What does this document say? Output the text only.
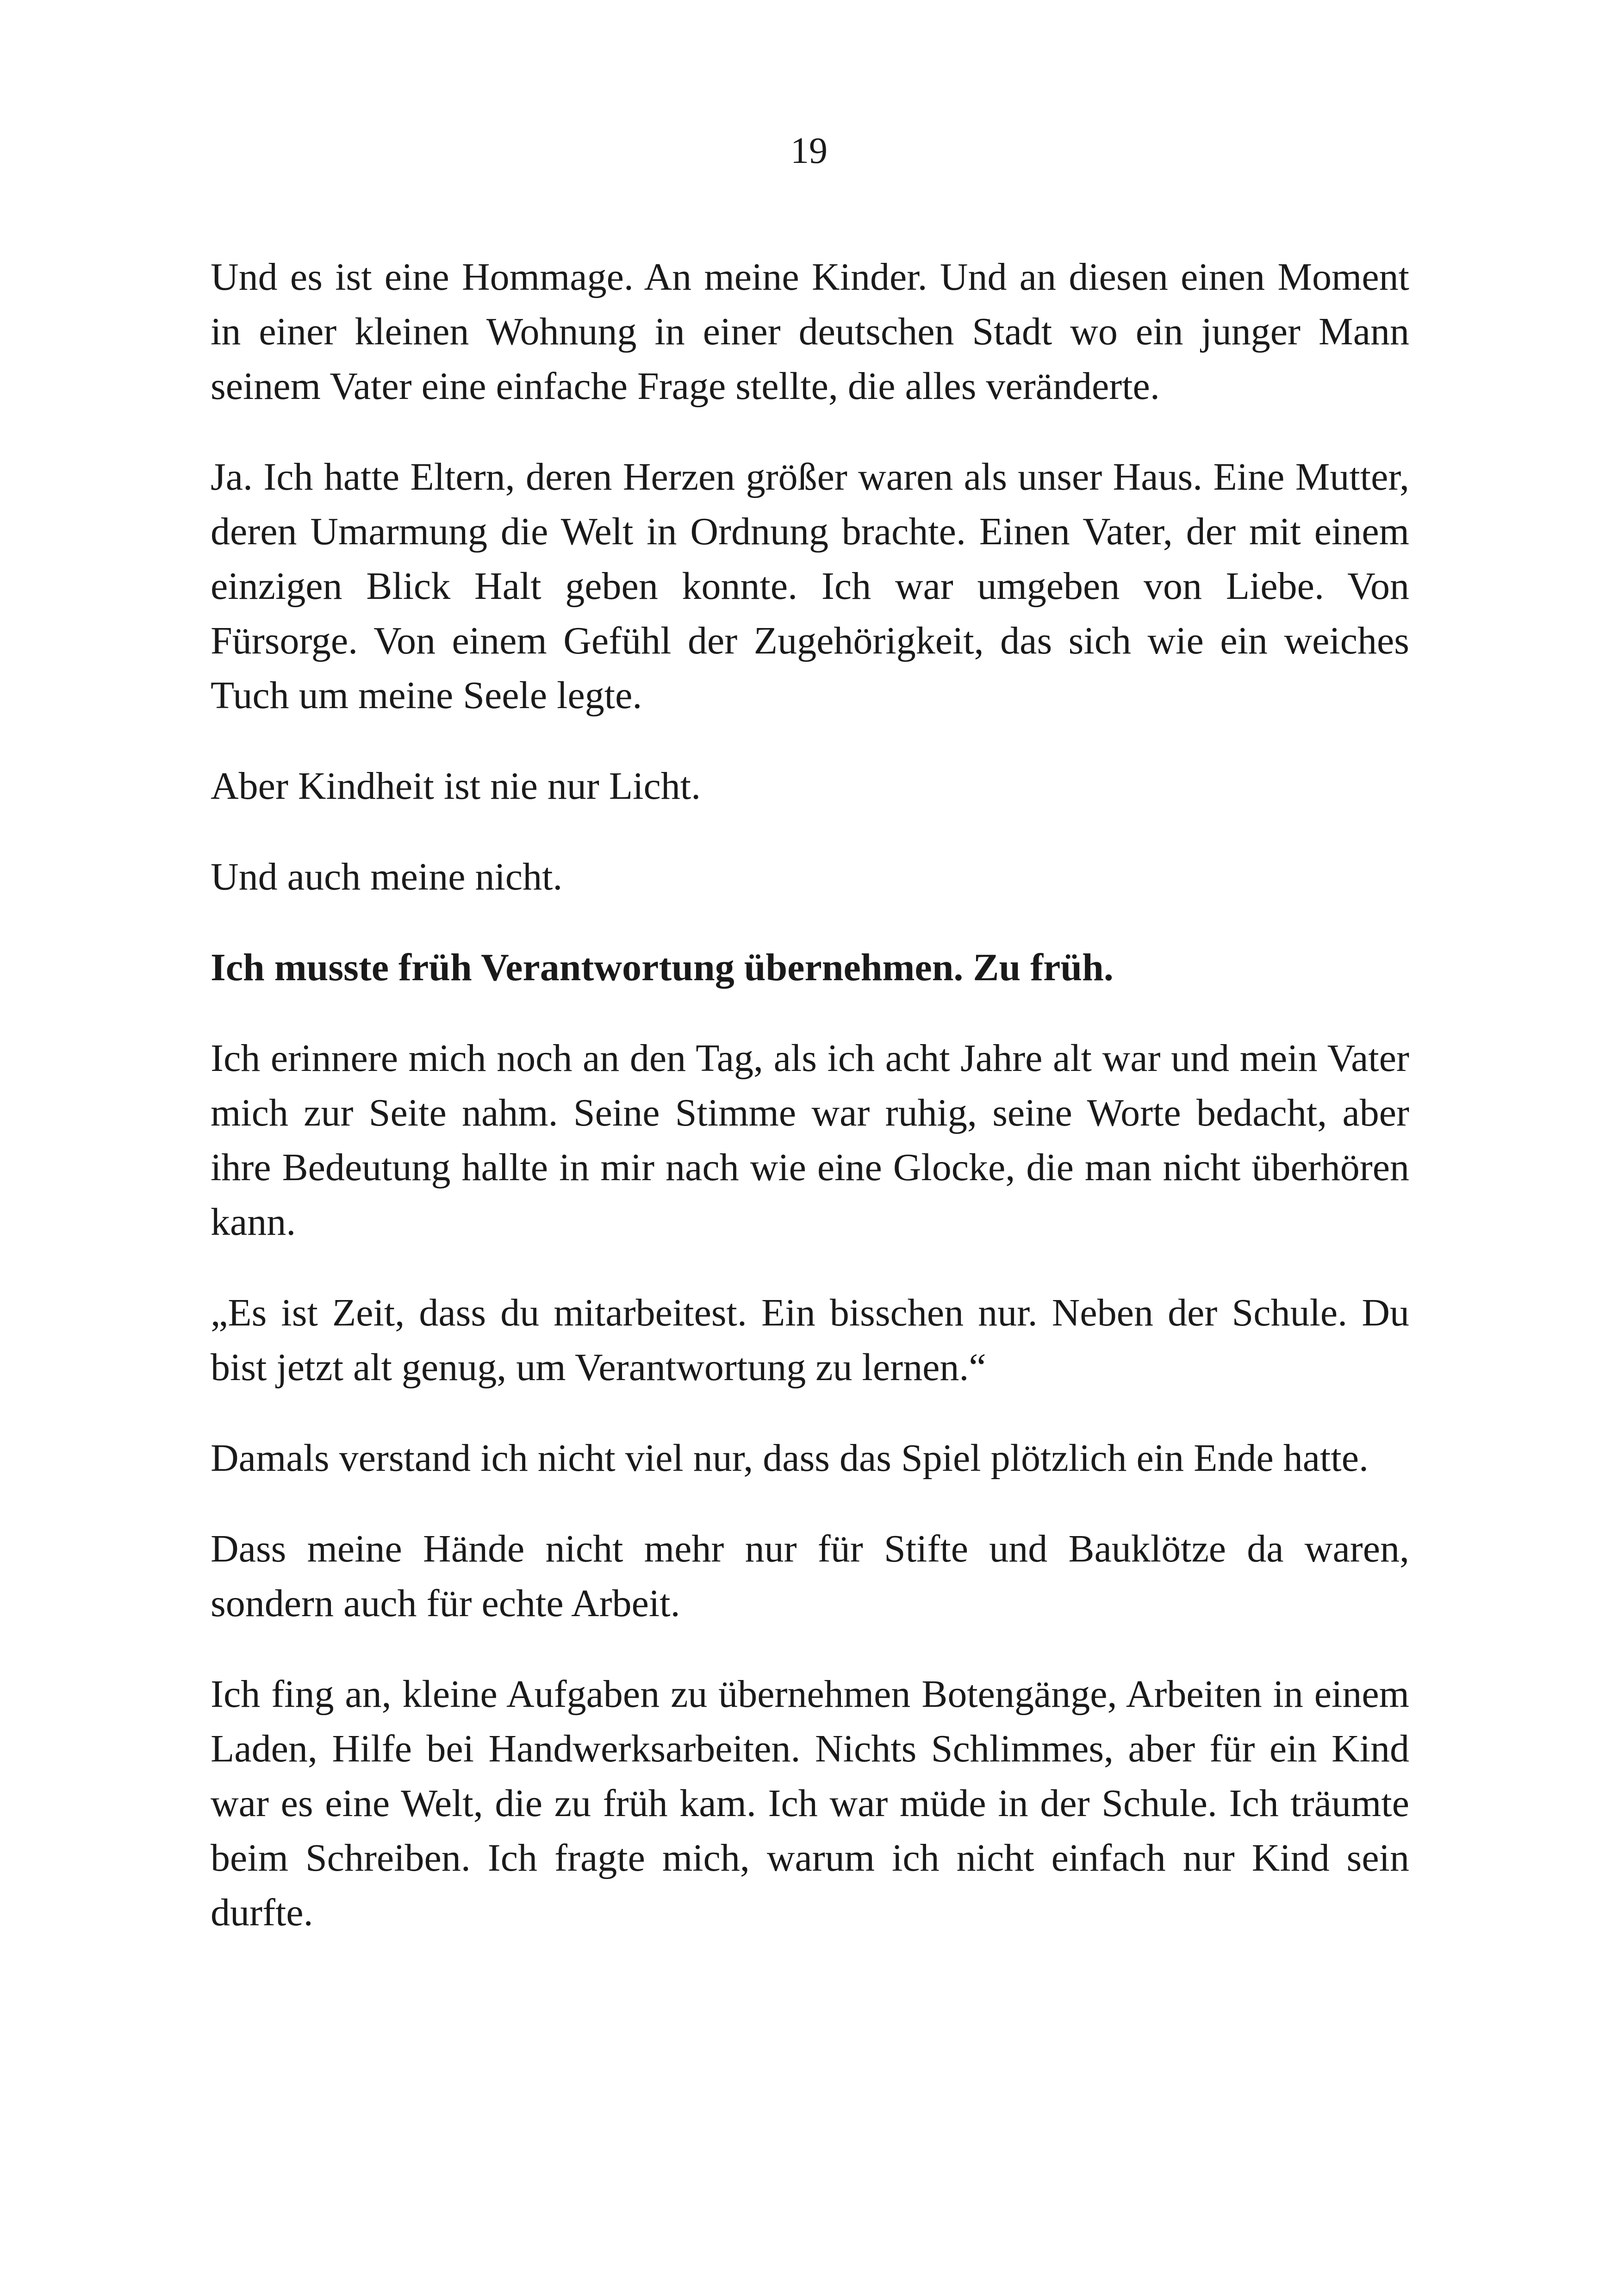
19

Und es ist eine Hommage. An meine Kinder. Und an diesen einen Moment in einer kleinen Wohnung in einer deutschen Stadt wo ein junger Mann seinem Vater eine einfache Frage stellte, die alles veränderte.

Ja. Ich hatte Eltern, deren Herzen größer waren als unser Haus. Eine Mutter, deren Umarmung die Welt in Ordnung brachte. Einen Vater, der mit einem einzigen Blick Halt geben konnte. Ich war umgeben von Liebe. Von Fürsorge. Von einem Gefühl der Zugehörigkeit, das sich wie ein weiches Tuch um meine Seele legte.

Aber Kindheit ist nie nur Licht.

Und auch meine nicht.

Ich musste früh Verantwortung übernehmen. Zu früh.

Ich erinnere mich noch an den Tag, als ich acht Jahre alt war und mein Vater mich zur Seite nahm. Seine Stimme war ruhig, seine Worte bedacht, aber ihre Bedeutung hallte in mir nach wie eine Glocke, die man nicht überhören kann.

„Es ist Zeit, dass du mitarbeitest. Ein bisschen nur. Neben der Schule. Du bist jetzt alt genug, um Verantwortung zu lernen.“

Damals verstand ich nicht viel nur, dass das Spiel plötzlich ein Ende hatte.

Dass meine Hände nicht mehr nur für Stifte und Bauklötze da waren, sondern auch für echte Arbeit.

Ich fing an, kleine Aufgaben zu übernehmen Botengänge, Arbeiten in einem Laden, Hilfe bei Handwerksarbeiten. Nichts Schlimmes, aber für ein Kind war es eine Welt, die zu früh kam. Ich war müde in der Schule. Ich träumte beim Schreiben. Ich fragte mich, warum ich nicht einfach nur Kind sein durfte.
